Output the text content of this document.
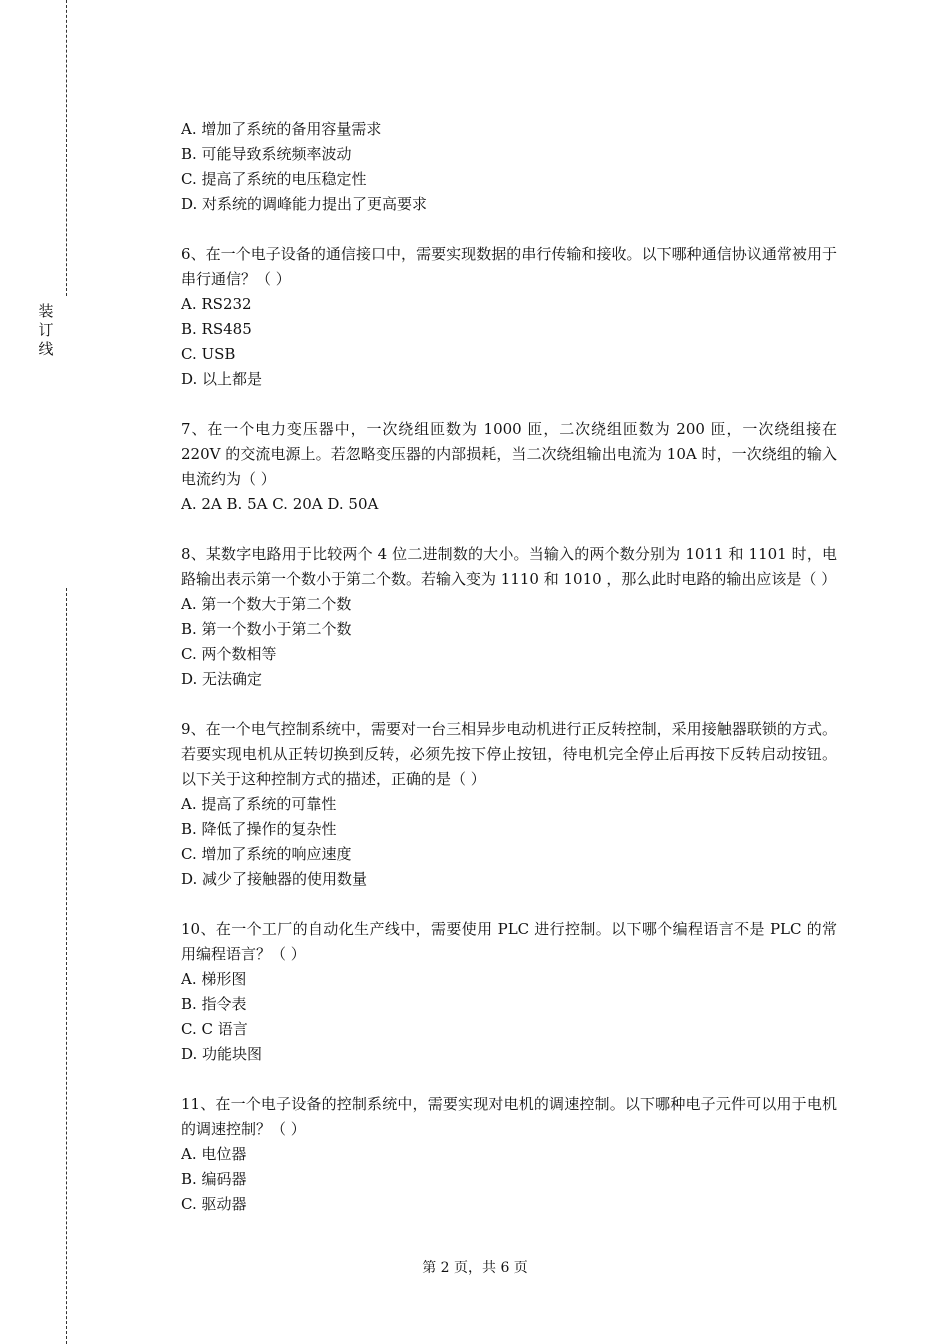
装
订
线
A. 增加了系统的备用容量需求
B. 可能导致系统频率波动
C. 提高了系统的电压稳定性
D. 对系统的调峰能力提出了更高要求
6、在一个电子设备的通信接口中，需要实现数据的串行传输和接收。以下哪种通信协议通常被用于串行通信？（ ）
A. RS232
B. RS485
C. USB
D. 以上都是
7、在一个电力变压器中，一次绕组匝数为 1000 匝，二次绕组匝数为 200 匝，一次绕组接在 220V 的交流电源上。若忽略变压器的内部损耗，当二次绕组输出电流为 10A 时，一次绕组的输入电流约为（ ）
A. 2A B. 5A C. 20A D. 50A
8、某数字电路用于比较两个 4 位二进制数的大小。当输入的两个数分别为 1011 和 1101 时，电路输出表示第一个数小于第二个数。若输入变为 1110 和 1010 ，那么此时电路的输出应该是（ ）
A. 第一个数大于第二个数
B. 第一个数小于第二个数
C. 两个数相等
D. 无法确定
9、在一个电气控制系统中，需要对一台三相异步电动机进行正反转控制，采用接触器联锁的方式。若要实现电机从正转切换到反转，必须先按下停止按钮，待电机完全停止后再按下反转启动按钮。以下关于这种控制方式的描述，正确的是（ ）
A. 提高了系统的可靠性
B. 降低了操作的复杂性
C. 增加了系统的响应速度
D. 减少了接触器的使用数量
10、在一个工厂的自动化生产线中，需要使用 PLC 进行控制。以下哪个编程语言不是 PLC 的常用编程语言？（ ）
A. 梯形图
B. 指令表
C. C 语言
D. 功能块图
11、在一个电子设备的控制系统中，需要实现对电机的调速控制。以下哪种电子元件可以用于电机的调速控制？（ ）
A. 电位器
B. 编码器
C. 驱动器
第 2 页，共 6 页
